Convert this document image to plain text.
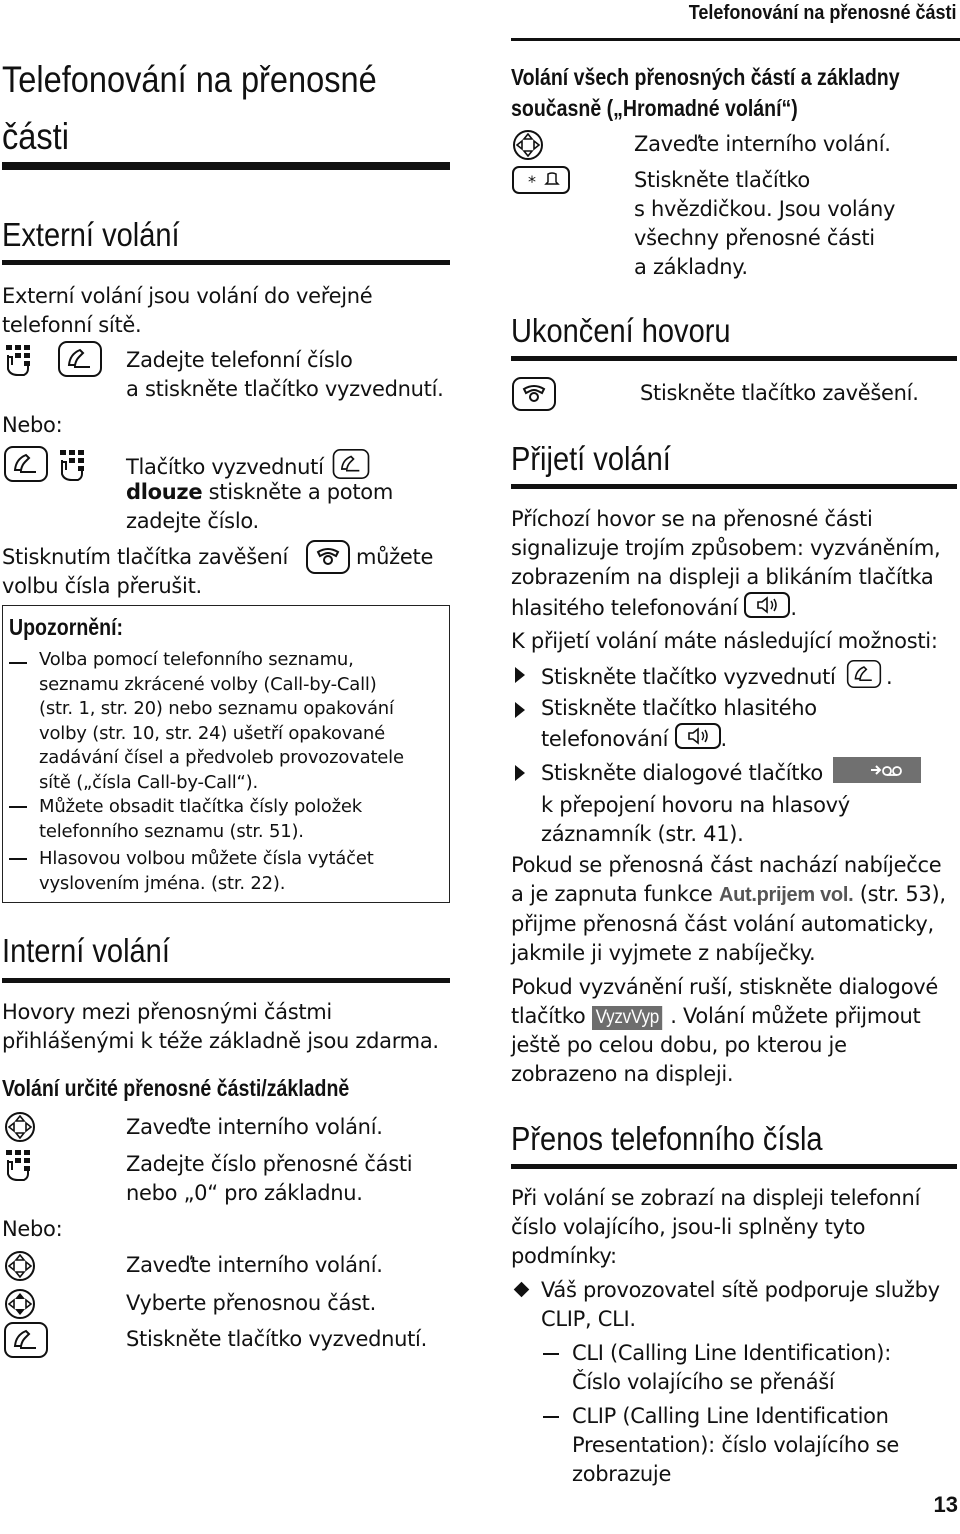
Telefonování na přenosné části
Telefonování na přenosné
části
Externí volání
Externí volání jsou volání do veřejné
telefonní sítě.
Zadejte telefonní číslo
a stiskněte tlačítko vyzvednutí.
Nebo:
Tlačítko vyzvednutí
dlouze stiskněte a potom
zadejte číslo.
Stisknutím tlačítka zavěšení	můžete
volbu čísla přerušit.
Upozornění:
Volba pomocí telefonního seznamu,
seznamu zkrácené volby (Call-by-Call)
(str. 1, str. 20) nebo seznamu opakování
volby (str. 10, str. 24) ušetří opakované
zadávání čísel a předvoleb provozovatele
sítě („čísla Call-by-Call“).
Můžete obsadit tlačítka čísly položek
telefonního seznamu (str. 51).
Hlasovou volbou můžete čísla vytáčet
vyslovením jména. (str. 22).
Interní volání
Hovory mezi přenosnými částmi
přihlášenými k téže základně jsou zdarma.
Volání určité přenosné části/základně
Zaveďte interního volání.
Zadejte číslo přenosné části
nebo „0“ pro základnu.
Nebo:
Zaveďte interního volání.
Vyberte přenosnou část.
Stiskněte tlačítko vyzvednutí.
Volání všech přenosných částí a základny
současně („Hromadné volání“)
Zaveďte interního volání.
*	Stiskněte tlačítko
s hvězdičkou. Jsou volány
všechny přenosné části
a základny.
Ukončení hovoru
Stiskněte tlačítko zavěšení.
Přijetí volání
Příchozí hovor se na přenosné části
signalizuje trojím způsobem: vyzváněním,
zobrazením na displeji a blikáním tlačítka
hlasitého telefonování .
K přijetí volání máte následující možnosti:
Stiskněte tlačítko vyzvednutí .
Stiskněte tlačítko hlasitého
telefonování .
Stiskněte dialogové tlačítko
k přepojení hovoru na hlasový
záznamník (str. 41).
Pokud se přenosná část nachází nabíječce
a je zapnuta funkce Aut.prijem vol. (str. 53),
přijme přenosná část volání automaticky,
jakmile ji vyjmete z nabíječky.
Pokud vyzvánění ruší, stiskněte dialogové
tlačítko VyzvVyp . Volání můžete přijmout
ještě po celou dobu, po kterou je
zobrazeno na displeji.
Přenos telefonního čísla
Při volání se zobrazí na displeji telefonní
číslo volajícího, jsou-li splněny tyto
podmínky:
Váš provozovatel sítě podporuje služby
CLIP, CLI.
CLI (Calling Line Identification):
Číslo volajícího se přenáší
CLIP (Calling Line Identification
Presentation): číslo volajícího se
zobrazuje
13
